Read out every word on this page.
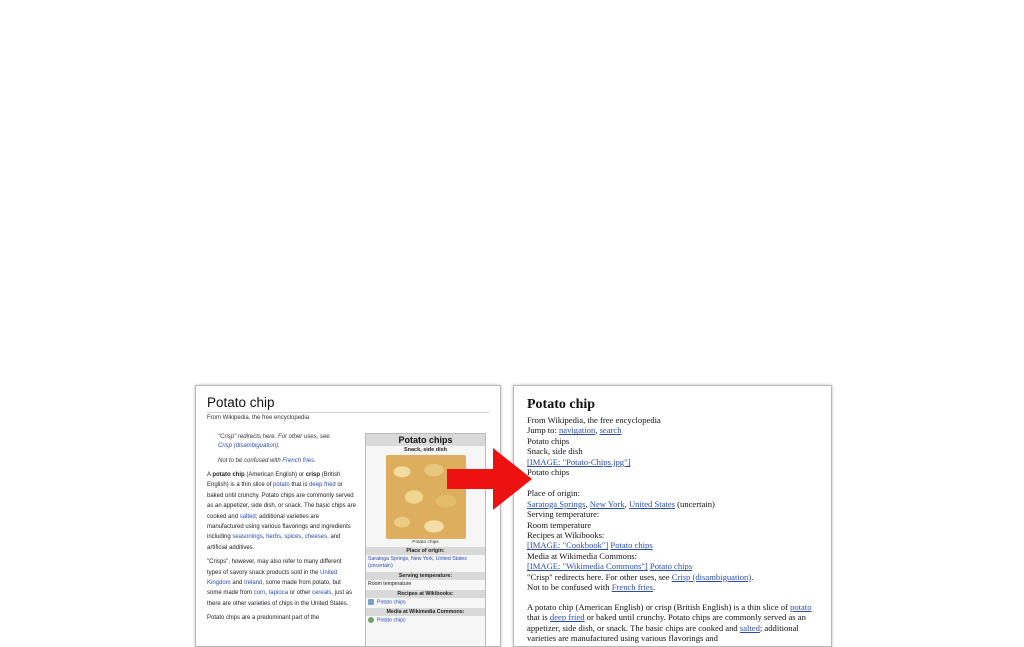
Potato chip
From Wikipedia, the free encyclopedia
"Crisp" redirects here. For other uses, see
Crisp (disambiguation).
Not to be confused with French fries.

A potato chip (American English) or crisp (British English) is a thin slice of potato that is deep fried or baked until crunchy. Potato chips are commonly served as an appetizer, side dish, or snack. The basic chips are cooked and salted; additional varieties are manufactured using various flavorings and ingredients including seasonings, herbs, spices, cheeses, and artificial additives.

"Crisps", however, may also refer to many different types of savory snack products sold in the United Kingdom and Ireland, some made from potato, but some made from corn, tapioca or other cereals, just as there are other varieties of chips in the United States.

Potato chips are a predominant part of the

Potato chips
Snack, side dish
Potato chips
Place of origin:
Saratoga Springs, New York, United States (uncertain)
Serving temperature:
Room temperature
Recipes at Wikibooks:
Potato chips
Media at Wikimedia Commons:
Potato chips
Potato chip
From Wikipedia, the free encyclopedia
Jump to: navigation, search
Potato chips
Snack, side dish
[IMAGE: "Potato-Chips.jpg"]
Potato chips

Place of origin:
Saratoga Springs, New York, United States (uncertain)
Serving temperature:
Room temperature
Recipes at Wikibooks:
[IMAGE: "Cookbook"] Potato chips
Media at Wikimedia Commons:
[IMAGE: "Wikimedia Commons"] Potato chips
"Crisp" redirects here. For other uses, see Crisp (disambiguation).
Not to be confused with French fries.
A potato chip (American English) or crisp (British English) is a thin slice of potato that is deep fried or baked until crunchy. Potato chips are commonly served as an appetizer, side dish, or snack. The basic chips are cooked and salted; additional varieties are manufactured using various flavorings and
